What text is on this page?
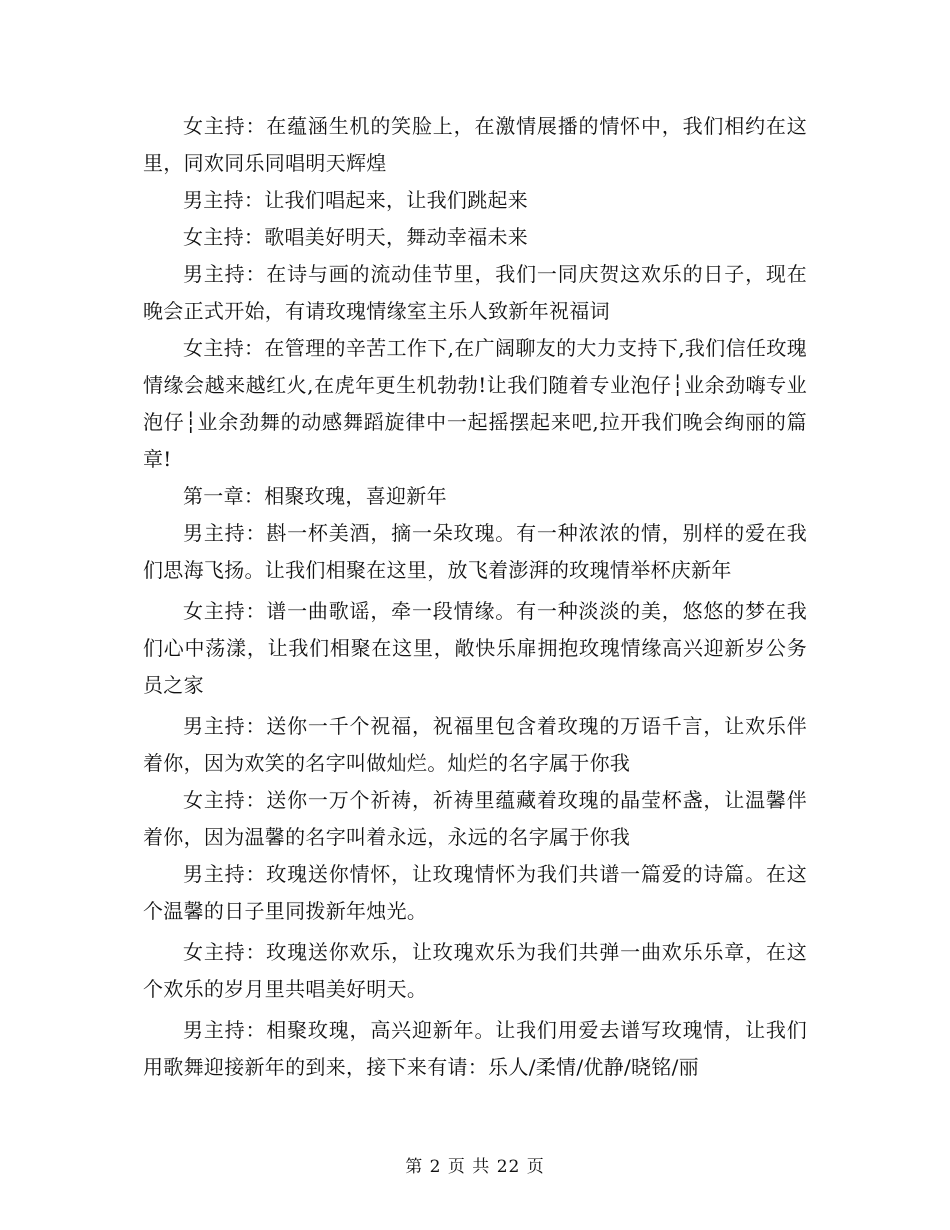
女主持：在蕴涵生机的笑脸上，在激情展播的情怀中，我们相约在这里，同欢同乐同唱明天辉煌

男主持：让我们唱起来，让我们跳起来

女主持：歌唱美好明天，舞动幸福未来

男主持：在诗与画的流动佳节里，我们一同庆贺这欢乐的日子，现在晚会正式开始，有请玫瑰情缘室主乐人致新年祝福词

女主持：在管理的辛苦工作下,在广阔聊友的大力支持下,我们信任玫瑰情缘会越来越红火,在虎年更生机勃勃!让我们随着专业泡仔┆业余劲嗨专业泡仔┆业余劲舞的动感舞蹈旋律中一起摇摆起来吧,拉开我们晚会绚丽的篇章!

第一章：相聚玫瑰，喜迎新年

男主持：斟一杯美酒，摘一朵玫瑰。有一种浓浓的情，别样的爱在我们思海飞扬。让我们相聚在这里，放飞着澎湃的玫瑰情举杯庆新年

女主持：谱一曲歌谣，牵一段情缘。有一种淡淡的美，悠悠的梦在我们心中荡漾，让我们相聚在这里，敞快乐扉拥抱玫瑰情缘高兴迎新岁公务员之家

男主持：送你一千个祝福，祝福里包含着玫瑰的万语千言，让欢乐伴着你，因为欢笑的名字叫做灿烂。灿烂的名字属于你我

女主持：送你一万个祈祷，祈祷里蕴藏着玫瑰的晶莹杯盏，让温馨伴着你，因为温馨的名字叫着永远，永远的名字属于你我

男主持：玫瑰送你情怀，让玫瑰情怀为我们共谱一篇爱的诗篇。在这个温馨的日子里同拨新年烛光。

女主持：玫瑰送你欢乐，让玫瑰欢乐为我们共弹一曲欢乐乐章，在这个欢乐的岁月里共唱美好明天。

男主持：相聚玫瑰，高兴迎新年。让我们用爱去谱写玫瑰情，让我们用歌舞迎接新年的到来，接下来有请：乐人/柔情/优静/晓铭/丽

第 2 页 共 22 页
